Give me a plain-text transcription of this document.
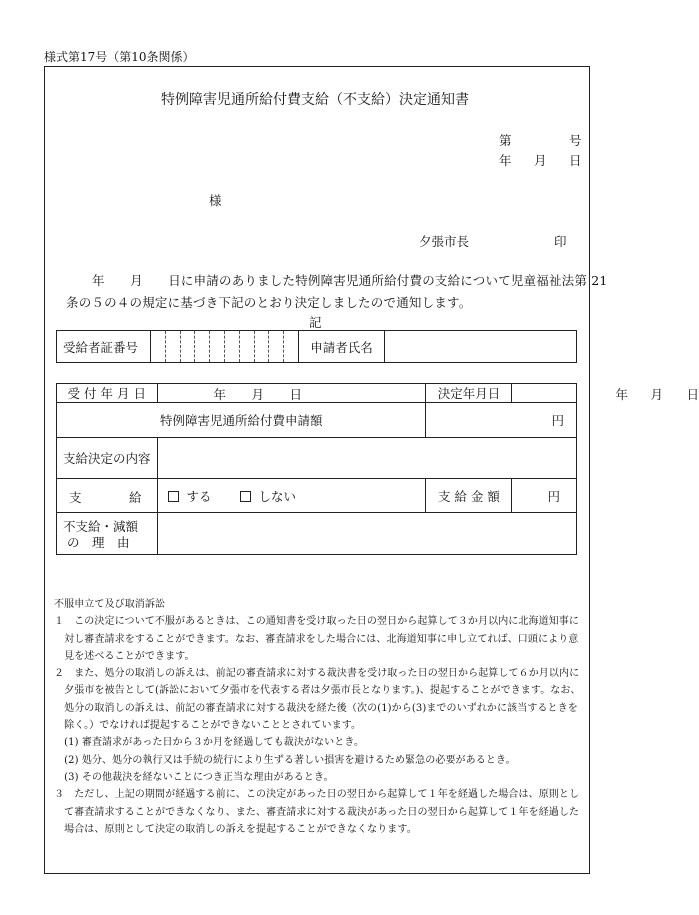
様式第17号（第10条関係）
特例障害児通所給付費支給（不支給）決定通知書
第	号
年 月 日
様
夕張市長	印
年　　月　　日に申請のありました特例障害児通所給付費の支給について児童福祉法第 21
条の５の４の規定に基づき下記のとおり決定しましたので通知します。
記
受給者証番号		申請者氏名	
受 付 年 月 日	年 月 日	決定年月日	年 月 日

特例障害児通所給付費申請額		円	
支給決定の内容			

支 給	する しない	支 給 金 額	円

不支給・減額
の　理　由			

不服申立て及び取消訴訟
１　この決定について不服があるときは、この通知書を受け取った日の翌日から起算して３か月以内に北海道知事に
　対し審査請求をすることができます。なお、審査請求をした場合には、北海道知事に申し立てれば、口頭により意
　見を述べることができます。
２　また、処分の取消しの訴えは、前記の審査請求に対する裁決書を受け取った日の翌日から起算して６か月以内に
　夕張市を被告として(訴訟において夕張市を代表する者は夕張市長となります。)、提起することができます。なお、
　処分の取消しの訴えは、前記の審査請求に対する裁決を経た後（次の(1)から(3)までのいずれかに該当するときを
　除く。）でなければ提起することができないこととされています。
　(1) 審査請求があった日から３か月を経過しても裁決がないとき。
　(2) 処分、処分の執行又は手続の続行により生ずる著しい損害を避けるため緊急の必要があるとき。
　(3) その他裁決を経ないことにつき正当な理由があるとき。
３　ただし、上記の期間が経過する前に、この決定があった日の翌日から起算して１年を経過した場合は、原則とし
　て審査請求することができなくなり、また、審査請求に対する裁決があった日の翌日から起算して１年を経過した
　場合は、原則として決定の取消しの訴えを提起することができなくなります。
